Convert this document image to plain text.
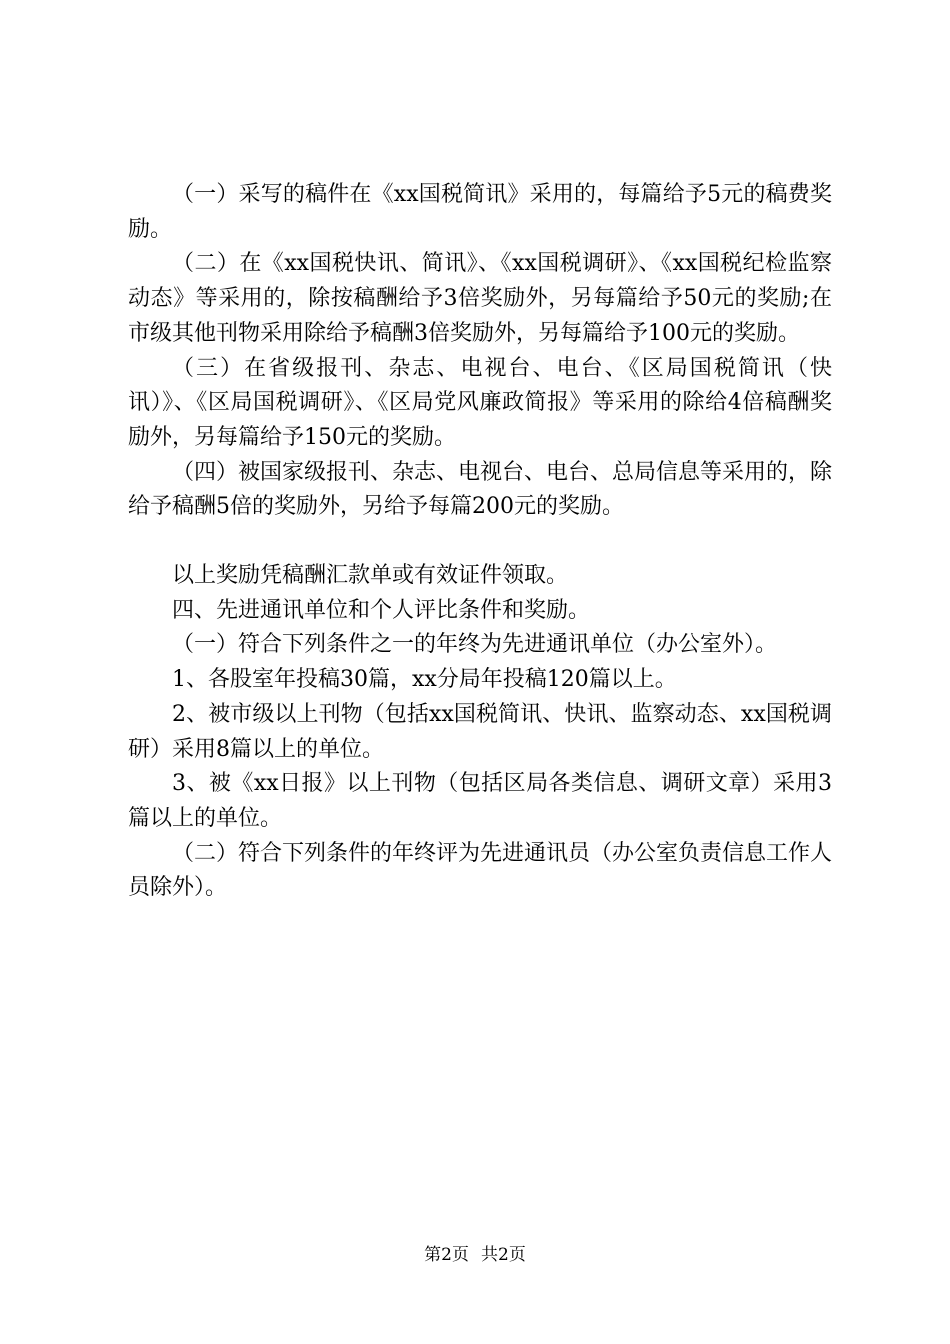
（一）采写的稿件在《xx国税简讯》采用的，每篇给予5元的稿费奖励。

（二）在《xx国税快讯、简讯》、《xx国税调研》、《xx国税纪检监察动态》等采用的，除按稿酬给予3倍奖励外，另每篇给予50元的奖励;在市级其他刊物采用除给予稿酬3倍奖励外，另每篇给予100元的奖励。

（三）在省级报刊、杂志、电视台、电台、《区局国税简讯（快讯）》、《区局国税调研》、《区局党风廉政简报》等采用的除给4倍稿酬奖励外，另每篇给予150元的奖励。

（四）被国家级报刊、杂志、电视台、电台、总局信息等采用的，除给予稿酬5倍的奖励外，另给予每篇200元的奖励。

以上奖励凭稿酬汇款单或有效证件领取。

四、先进通讯单位和个人评比条件和奖励。

（一）符合下列条件之一的年终为先进通讯单位（办公室外）。

1、各股室年投稿30篇，xx分局年投稿120篇以上。

2、被市级以上刊物（包括xx国税简讯、快讯、监察动态、xx国税调研）采用8篇以上的单位。

3、被《xx日报》以上刊物（包括区局各类信息、调研文章）采用3篇以上的单位。

（二）符合下列条件的年终评为先进通讯员（办公室负责信息工作人员除外）。

第2页 共2页
